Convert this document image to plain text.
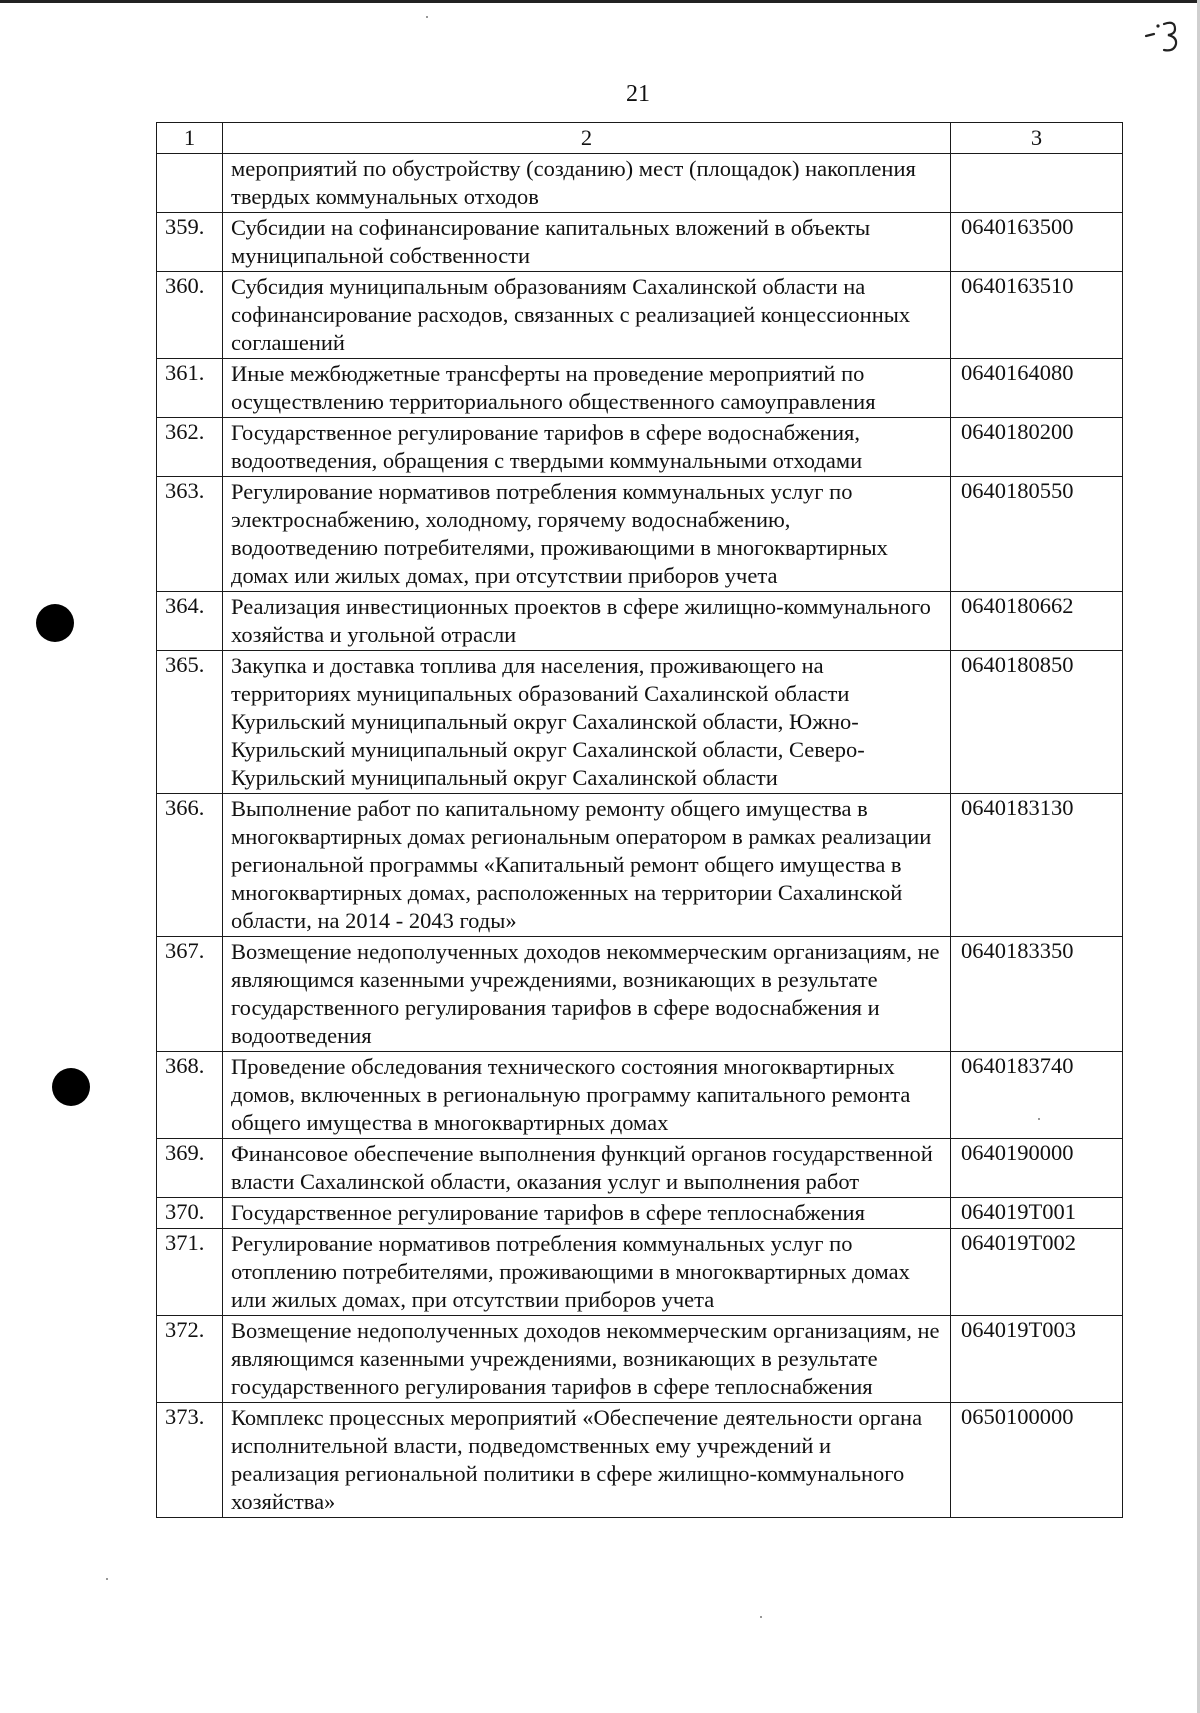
21
1	2	3
	мероприятий по обустройству (созданию) мест (площадок) накопления твердых коммунальных отходов	
359.	Субсидии на софинансирование капитальных вложений в объекты муниципальной собственности	0640163500
360.	Субсидия муниципальным образованиям Сахалинской области на софинансирование расходов, связанных с реализацией концессионных соглашений	0640163510
361.	Иные межбюджетные трансферты на проведение мероприятий по осуществлению территориального общественного самоуправления	0640164080
362.	Государственное регулирование тарифов в сфере водоснабжения, водоотведения, обращения с твердыми коммунальными отходами	0640180200
363.	Регулирование нормативов потребления коммунальных услуг по электроснабжению, холодному, горячему водоснабжению, водоотведению потребителями, проживающими в многоквартирных домах или жилых домах, при отсутствии приборов учета	0640180550
364.	Реализация инвестиционных проектов в сфере жилищно-коммунального хозяйства и угольной отрасли	0640180662
365.	Закупка и доставка топлива для населения, проживающего на территориях муниципальных образований Сахалинской области Курильский муниципальный округ Сахалинской области, Южно-Курильский муниципальный округ Сахалинской области, Северо-Курильский муниципальный округ Сахалинской области	0640180850
366.	Выполнение работ по капитальному ремонту общего имущества в многоквартирных домах региональным оператором в рамках реализации региональной программы «Капитальный ремонт общего имущества в многоквартирных домах, расположенных на территории Сахалинской области, на 2014 - 2043 годы»	0640183130
367.	Возмещение недополученных доходов некоммерческим организациям, не являющимся казенными учреждениями, возникающих в результате государственного регулирования тарифов в сфере водоснабжения и водоотведения	0640183350
368.	Проведение обследования технического состояния многоквартирных домов, включенных в региональную программу капитального ремонта общего имущества в многоквартирных домах	0640183740
369.	Финансовое обеспечение выполнения функций органов государственной власти Сахалинской области, оказания услуг и выполнения работ	0640190000
370.	Государственное регулирование тарифов в сфере теплоснабжения	064019Т001
371.	Регулирование нормативов потребления коммунальных услуг по отоплению потребителями, проживающими в многоквартирных домах или жилых домах, при отсутствии приборов учета	064019Т002
372.	Возмещение недополученных доходов некоммерческим организациям, не являющимся казенными учреждениями, возникающих в результате государственного регулирования тарифов в сфере теплоснабжения	064019Т003
373.	Комплекс процессных мероприятий «Обеспечение деятельности органа исполнительной власти, подведомственных ему учреждений и реализация региональной политики в сфере жилищно-коммунального хозяйства»	0650100000
